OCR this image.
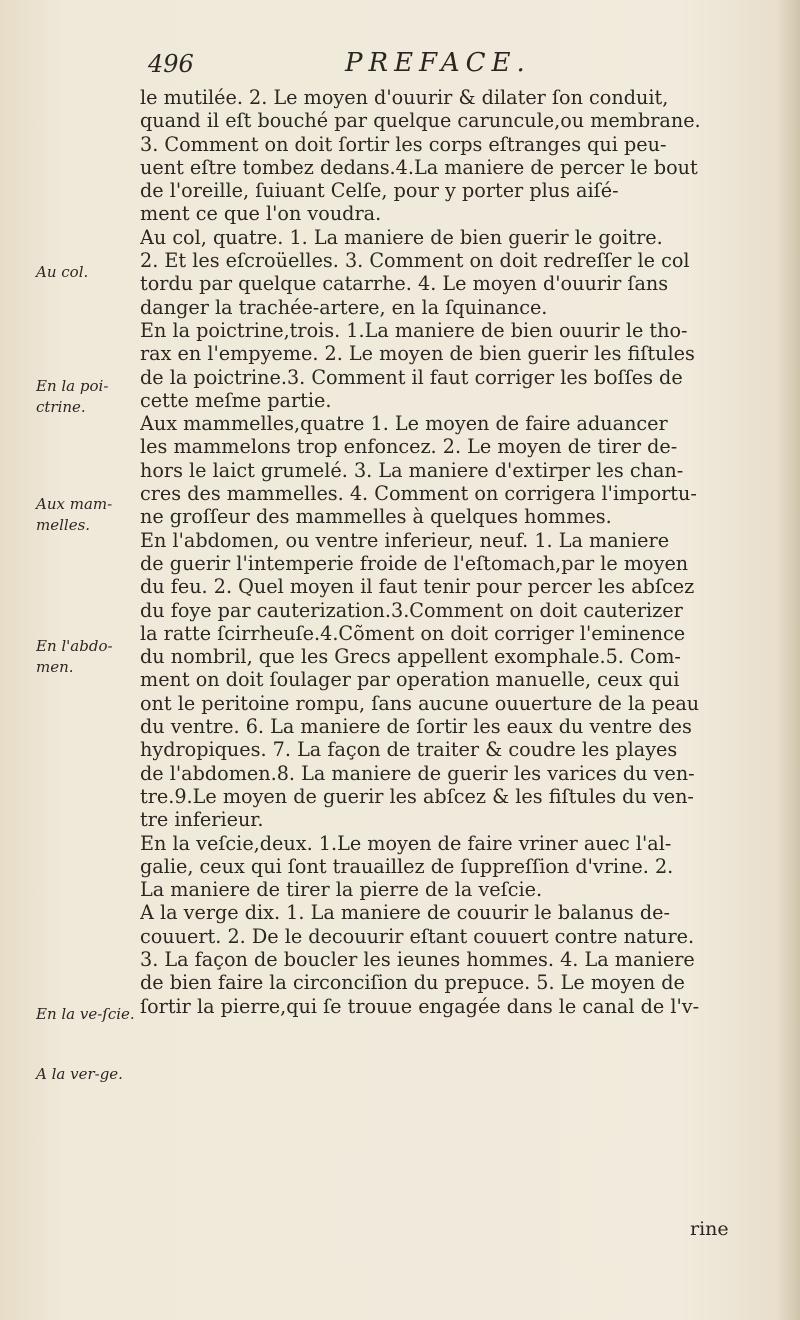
496	PREFACE.
Au col.
En la poi-ctrine.
Aux mam-melles.
En l'abdo-men.
En la ve-ſcie.
A la ver-ge.
le mutilée. 2. Le moyen d'ouurir & dilater ſon conduit,
quand il eſt bouché par quelque caruncule,ou membrane.
3. Comment on doit ſortir les corps eſtranges qui peu-
uent eſtre tombez dedans.4.La maniere de percer le bout
de l'oreille, ſuiuant Celſe, pour y porter plus aiſé-
ment ce que l'on voudra.
Au col, quatre. 1. La maniere de bien guerir le goitre.
2. Et les eſcroüelles. 3. Comment on doit redreſſer le col
tordu par quelque catarrhe. 4. Le moyen d'ouurir ſans
danger la trachée-artere, en la ſquinance.
En la poictrine,trois. 1.La maniere de bien ouurir le tho-
rax en l'empyeme. 2. Le moyen de bien guerir les fiſtules
de la poictrine.3. Comment il faut corriger les boſſes de
cette meſme partie.
Aux mammelles,quatre 1. Le moyen de faire aduancer
les mammelons trop enfoncez. 2. Le moyen de tirer de-
hors le laict grumelé. 3. La maniere d'extirper les chan-
cres des mammelles. 4. Comment on corrigera l'importu-
ne groſſeur des mammelles à quelques hommes.
En l'abdomen, ou ventre inferieur, neuf. 1. La maniere
de guerir l'intemperie froide de l'eſtomach,par le moyen
du feu. 2. Quel moyen il faut tenir pour percer les abſcez
du foye par cauterization.3.Comment on doit cauterizer
la ratte ſcirrheuſe.4.Cõment on doit corriger l'eminence
du nombril, que les Grecs appellent exomphale.5. Com-
ment on doit ſoulager par operation manuelle, ceux qui
ont le peritoine rompu, ſans aucune ouuerture de la peau
du ventre. 6. La maniere de ſortir les eaux du ventre des
hydropiques. 7. La façon de traiter & coudre les playes
de l'abdomen.8. La maniere de guerir les varices du ven-
tre.9.Le moyen de guerir les abſcez & les fiſtules du ven-
tre inferieur.
En la veſcie,deux. 1.Le moyen de faire vriner auec l'al-
galie, ceux qui ſont trauaillez de ſuppreſſion d'vrine. 2.
La maniere de tirer la pierre de la veſcie.
A la verge dix. 1. La maniere de couurir le balanus de-
couuert. 2. De le decouurir eſtant couuert contre nature.
3. La façon de boucler les ieunes hommes. 4. La maniere
de bien faire la circonciſion du prepuce. 5. Le moyen de
ſortir la pierre,qui ſe trouue engagée dans le canal de l'v-
rine
